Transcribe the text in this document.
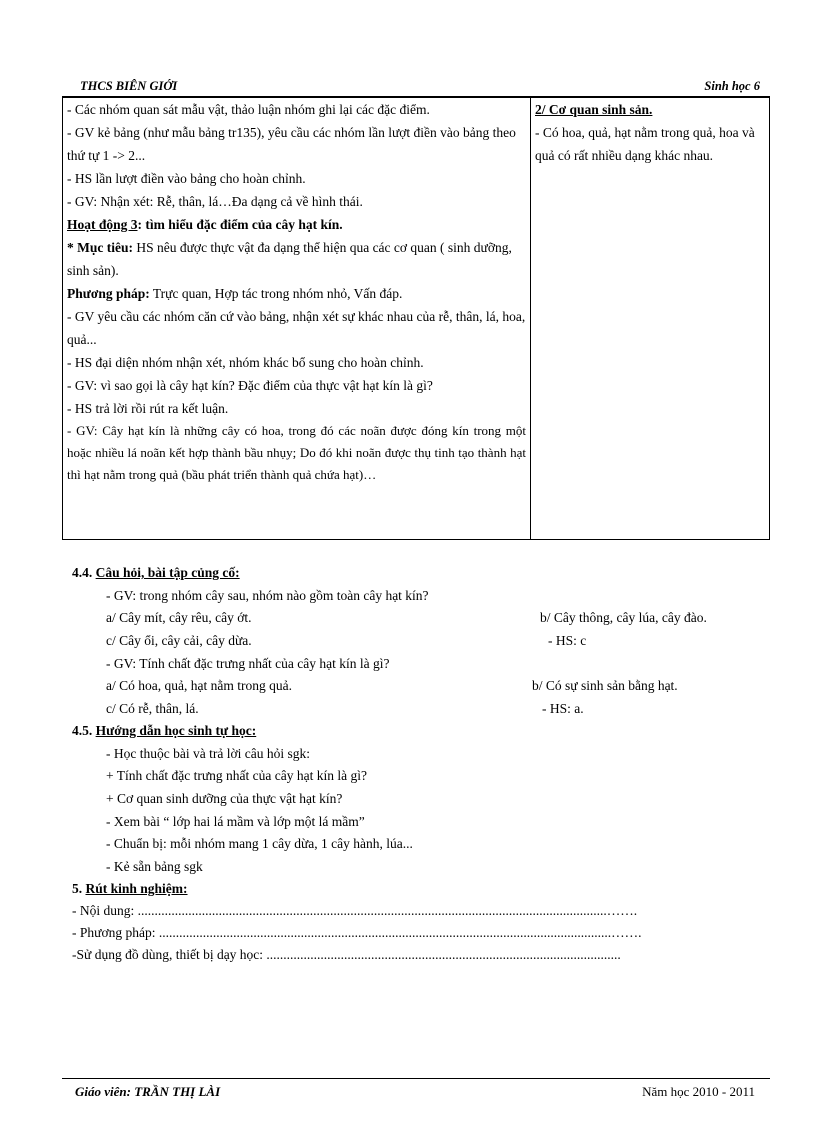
THCS BIÊN GIỚI	Sinh học 6

- Các nhóm quan sát mẫu vật, thảo luận nhóm ghi lại các đặc điểm.

- GV kẻ bảng (như mẫu bảng tr135), yêu cầu các nhóm lần lượt điền vào bảng theo thứ tự 1 -> 2...

- HS lần lượt điền vào bảng cho hoàn chỉnh.

- GV: Nhận xét: Rễ, thân, lá…Đa dạng cả về hình thái.

Hoạt động 3: tìm hiểu đặc điểm của cây hạt kín.

* Mục tiêu: HS nêu được thực vật đa dạng thể hiện qua các cơ quan ( sinh dưỡng, sinh sản).

Phương pháp: Trực quan, Hợp tác trong nhóm nhỏ, Vấn đáp.

- GV yêu cầu các nhóm căn cứ vào bảng, nhận xét sự khác nhau của rễ, thân, lá, hoa, quả...

- HS đại diện nhóm nhận xét, nhóm khác bổ sung cho hoàn chỉnh.

- GV: vì sao gọi là cây hạt kín? Đặc điểm của thực vật hạt kín là gì?

- HS trả lời rồi rút ra kết luận.

- GV: Cây hạt kín là những cây có hoa, trong đó các noãn được đóng kín trong một hoặc nhiều lá noãn kết hợp thành bầu nhụy; Do đó khi noãn được thụ tinh tạo thành hạt thì hạt nằm trong quả (bầu phát triển thành quả chứa hạt)…

2/ Cơ quan sinh sản.

- Có hoa, quả, hạt nằm trong quả, hoa và quả có rất nhiều dạng khác nhau.

4.4. Câu hỏi, bài tập củng cố:
- GV: trong nhóm cây sau, nhóm nào gồm toàn cây hạt kín?
a/ Cây mít, cây rêu, cây ớt.	b/ Cây thông, cây lúa, cây đào.
c/ Cây ổi, cây cải, cây dừa.	- HS: c
- GV: Tính chất đặc trưng nhất của cây hạt kín là gì?
a/ Có hoa, quả, hạt nằm trong quả.	b/ Có sự sinh sản bằng hạt.
c/ Có rễ, thân, lá.	- HS: a.
4.5. Hướng dẫn học sinh tự học:
- Học thuộc bài và trả lời câu hỏi sgk:
+ Tính chất đặc trưng nhất của cây hạt kín là gì?
+ Cơ quan sinh dưỡng của thực vật hạt kín?
- Xem bài “ lớp hai lá mầm và lớp một lá mầm”
- Chuẩn bị: mỗi nhóm mang 1 cây dừa, 1 cây hành, lúa...
- Kẻ sẵn bảng sgk
5. Rút kinh nghiệm:
- Nội dung: ...........................................................................................................................................…….
- Phương pháp: ......................................................................................................................................…….
-Sử dụng đồ dùng, thiết bị dạy học: .........................................................................................................
Giáo viên: TRẦN THỊ LÀI	Năm học 2010 - 2011
